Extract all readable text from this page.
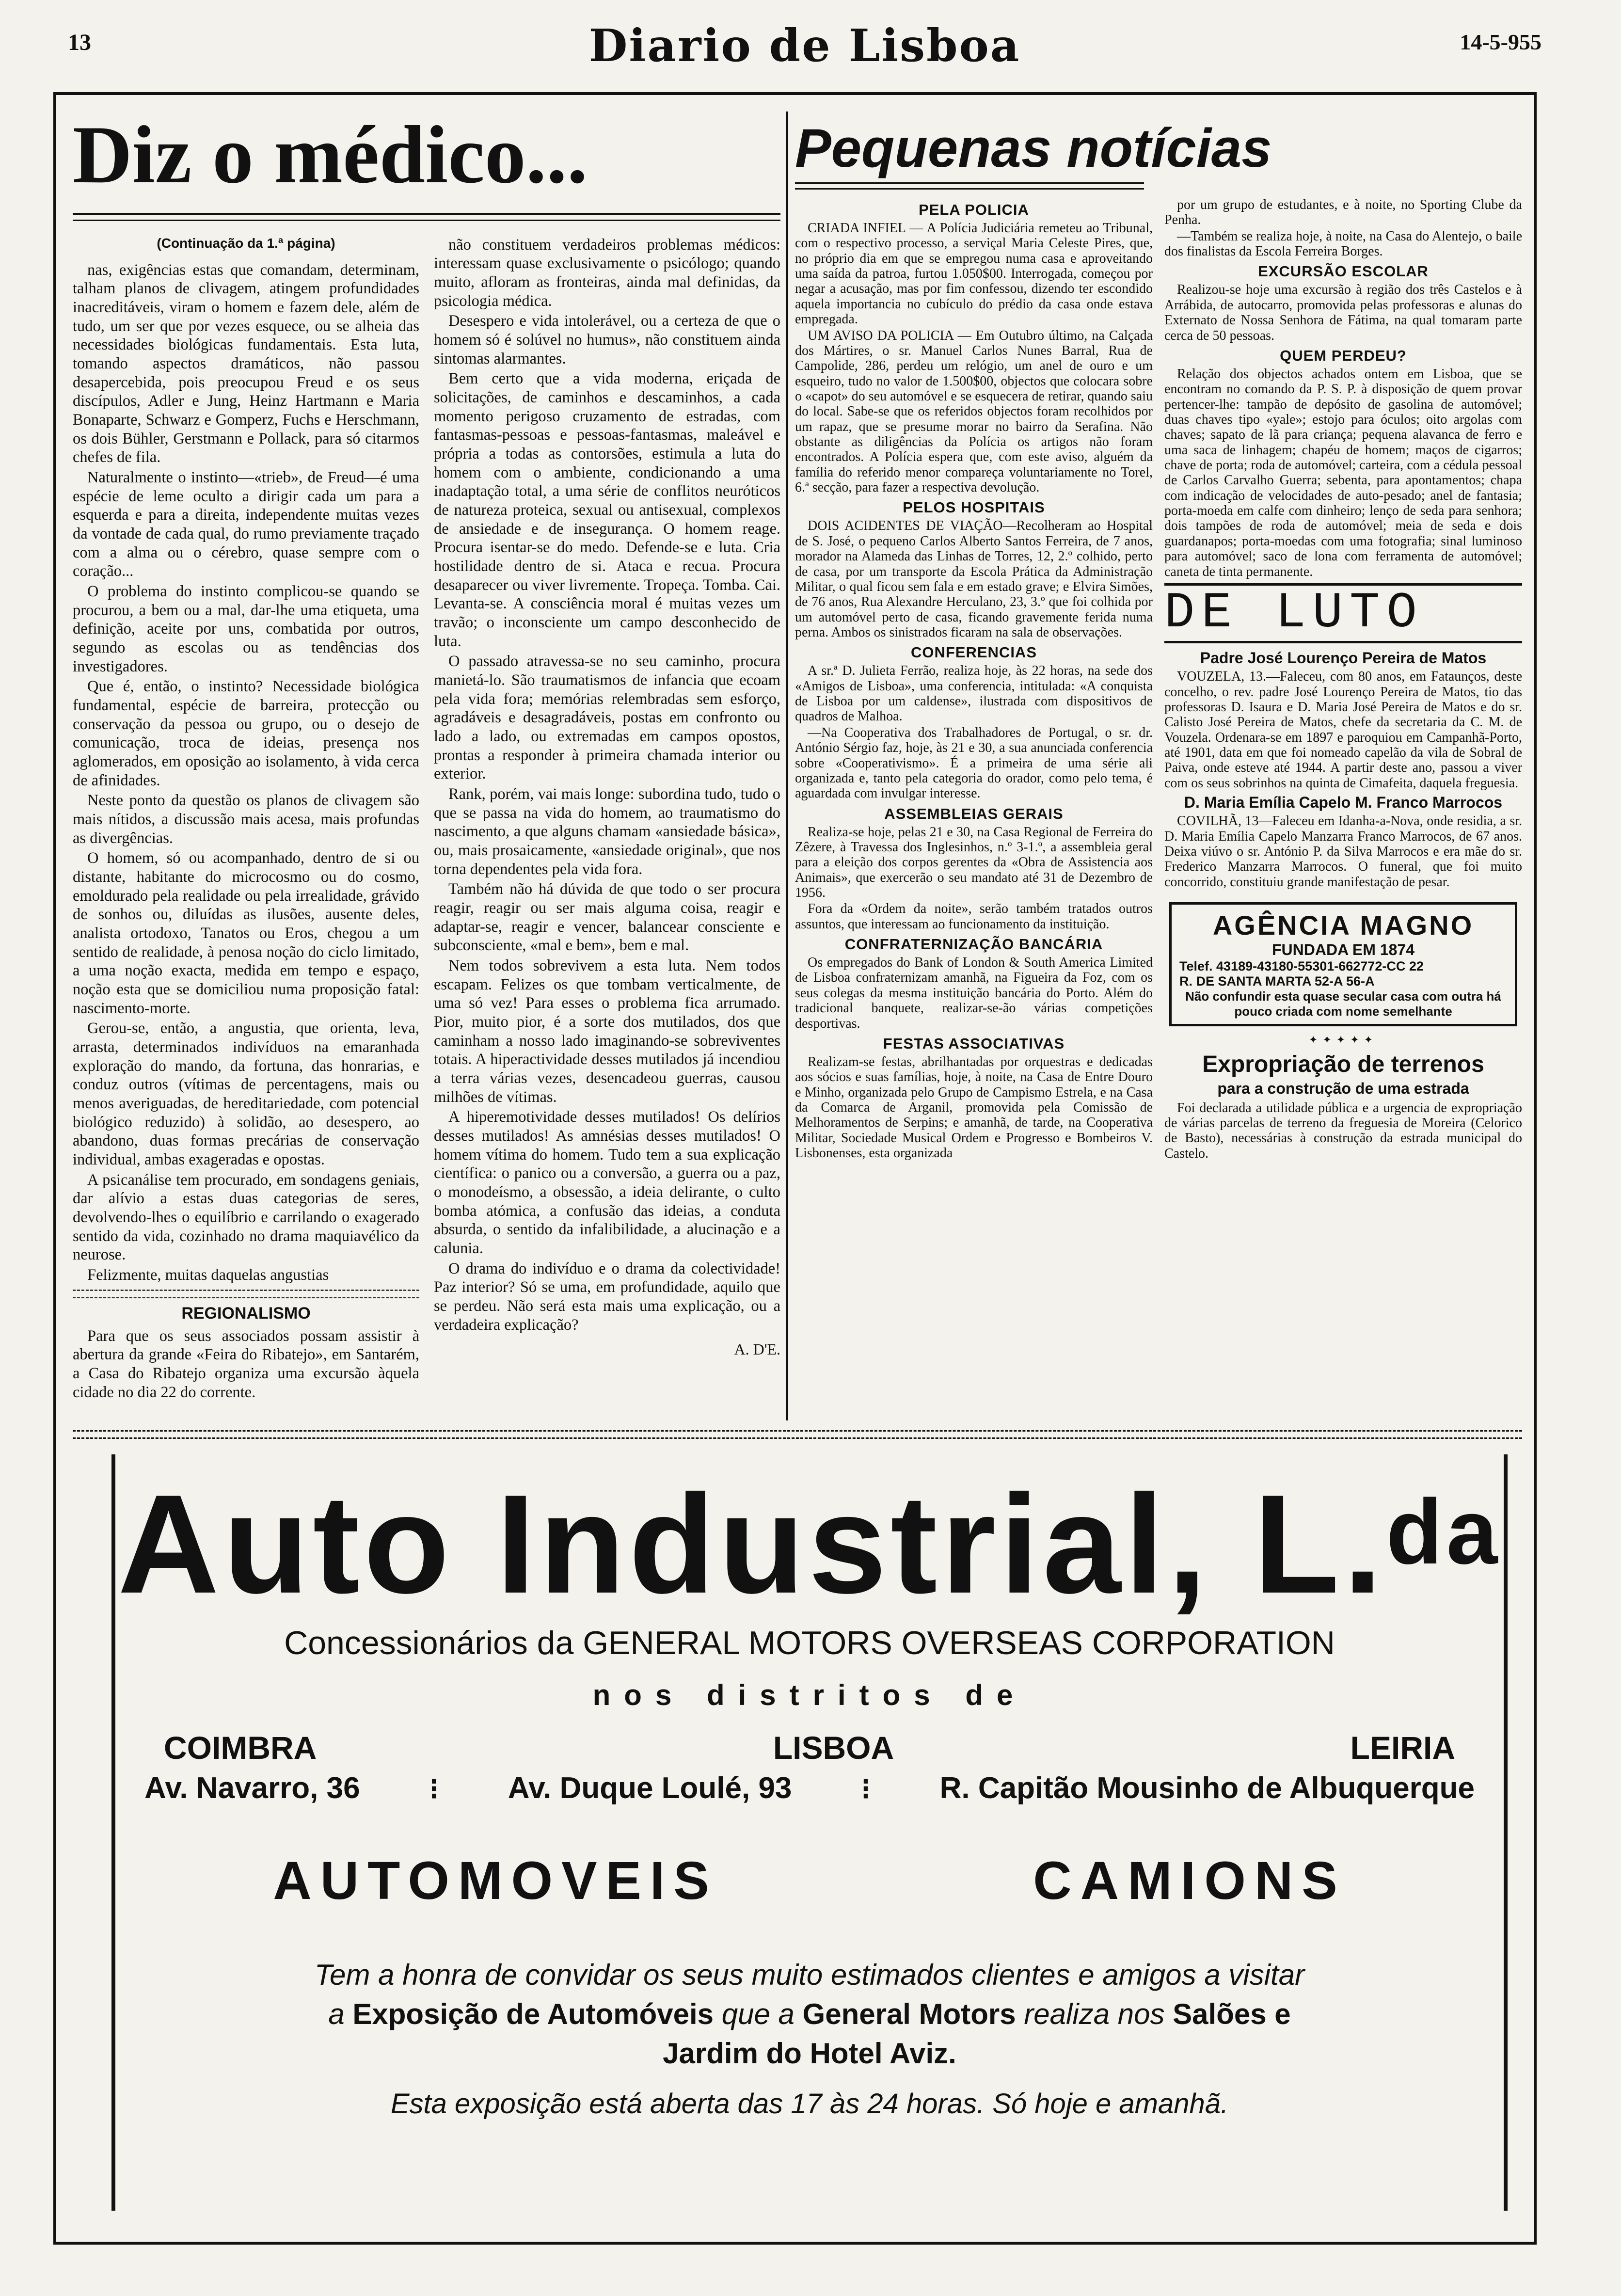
13	Diario de Lisboa	14-5-955
Diz o médico...
(Continuação da 1.ª página)

nas, exigências estas que comandam, determinam, talham planos de clivagem, atingem profundidades inacreditáveis, viram o homem e fazem dele, além de tudo, um ser que por vezes esquece, ou se alheia das necessidades biológicas fundamentais. Esta luta, tomando aspectos dramáticos, não passou desapercebida, pois preocupou Freud e os seus discípulos, Adler e Jung, Heinz Hartmann e Maria Bonaparte, Schwarz e Gomperz, Fuchs e Herschmann, os dois Bühler, Gerstmann e Pollack, para só citarmos chefes de fila.

Naturalmente o instinto—«trieb», de Freud—é uma espécie de leme oculto a dirigir cada um para a esquerda e para a direita, independente muitas vezes da vontade de cada qual, do rumo previamente traçado com a alma ou o cérebro, quase sempre com o coração...

O problema do instinto complicou-se quando se procurou, a bem ou a mal, dar-lhe uma etiqueta, uma definição, aceite por uns, combatida por outros, segundo as escolas ou as tendências dos investigadores.

Que é, então, o instinto? Necessidade biológica fundamental, espécie de barreira, protecção ou conservação da pessoa ou grupo, ou o desejo de comunicação, troca de ideias, presença nos aglomerados, em oposição ao isolamento, à vida cerca de afinidades.

Neste ponto da questão os planos de clivagem são mais nítidos, a discussão mais acesa, mais profundas as divergências.

O homem, só ou acompanhado, dentro de si ou distante, habitante do microcosmo ou do cosmo, emoldurado pela realidade ou pela irrealidade, grávido de sonhos ou, diluídas as ilusões, ausente deles, analista ortodoxo, Tanatos ou Eros, chegou a um sentido de realidade, à penosa noção do ciclo limitado, a uma noção exacta, medida em tempo e espaço, noção esta que se domiciliou numa proposição fatal: nascimento-morte.

Gerou-se, então, a angustia, que orienta, leva, arrasta, determinados indivíduos na emaranhada exploração do mando, da fortuna, das honrarias, e conduz outros (vítimas de percentagens, mais ou menos averiguadas, de hereditariedade, com potencial biológico reduzido) à solidão, ao desespero, ao abandono, duas formas precárias de conservação individual, ambas exageradas e opostas.

A psicanálise tem procurado, em sondagens geniais, dar alívio a estas duas categorias de seres, devolvendo-lhes o equilíbrio e carrilando o exagerado sentido da vida, cozinhado no drama maquiavélico da neurose.

Felizmente, muitas daquelas angustias

REGIONALISMO

Para que os seus associados possam assistir à abertura da grande «Feira do Ribatejo», em Santarém, a Casa do Ribatejo organiza uma excursão àquela cidade no dia 22 do corrente.

não constituem verdadeiros problemas médicos: interessam quase exclusivamente o psicólogo; quando muito, afloram as fronteiras, ainda mal definidas, da psicologia médica.

Desespero e vida intolerável, ou a certeza de que o homem só é solúvel no humus», não constituem ainda sintomas alarmantes.

Bem certo que a vida moderna, eriçada de solicitações, de caminhos e descaminhos, a cada momento perigoso cruzamento de estradas, com fantasmas-pessoas e pessoas-fantasmas, maleável e própria a todas as contorsões, estimula a luta do homem com o ambiente, condicionando a uma inadaptação total, a uma série de conflitos neuróticos de natureza proteica, sexual ou antisexual, complexos de ansiedade e de insegurança. O homem reage. Procura isentar-se do medo. Defende-se e luta. Cria hostilidade dentro de si. Ataca e recua. Procura desaparecer ou viver livremente. Tropeça. Tomba. Cai. Levanta-se. A consciência moral é muitas vezes um travão; o inconsciente um campo desconhecido de luta.

O passado atravessa-se no seu caminho, procura manietá-lo. São traumatismos de infancia que ecoam pela vida fora; memórias relembradas sem esforço, agradáveis e desagradáveis, postas em confronto ou lado a lado, ou extremadas em campos opostos, prontas a responder à primeira chamada interior ou exterior.

Rank, porém, vai mais longe: subordina tudo, tudo o que se passa na vida do homem, ao traumatismo do nascimento, a que alguns chamam «ansiedade básica», ou, mais prosaicamente, «ansiedade original», que nos torna dependentes pela vida fora.

Também não há dúvida de que todo o ser procura reagir, reagir ou ser mais alguma coisa, reagir e adaptar-se, reagir e vencer, balancear consciente e subconsciente, «mal e bem», bem e mal.

Nem todos sobrevivem a esta luta. Nem todos escapam. Felizes os que tombam verticalmente, de uma só vez! Para esses o problema fica arrumado. Pior, muito pior, é a sorte dos mutilados, dos que caminham a nosso lado imaginando-se sobreviventes totais. A hiperactividade desses mutilados já incendiou a terra várias vezes, desencadeou guerras, causou milhões de vítimas.

A hiperemotividade desses mutilados! Os delírios desses mutilados! As amnésias desses mutilados! O homem vítima do homem. Tudo tem a sua explicação científica: o panico ou a conversão, a guerra ou a paz, o monodeísmo, a obsessão, a ideia delirante, o culto bomba atómica, a confusão das ideias, a conduta absurda, o sentido da infalibilidade, a alucinação e a calunia.

O drama do indivíduo e o drama da colectividade! Paz interior? Só se uma, em profundidade, aquilo que se perdeu. Não será esta mais uma explicação, ou a verdadeira explicação?

A. D'E.
Pequenas notícias
PELA POLICIA

CRIADA INFIEL — A Polícia Judiciária remeteu ao Tribunal, com o respectivo processo, a serviçal Maria Celeste Pires, que, no próprio dia em que se empregou numa casa e aproveitando uma saída da patroa, furtou 1.050$00. Interrogada, começou por negar a acusação, mas por fim confessou, dizendo ter escondido aquela importancia no cubículo do prédio da casa onde estava empregada.

UM AVISO DA POLICIA — Em Outubro último, na Calçada dos Mártires, o sr. Manuel Carlos Nunes Barral, Rua de Campolide, 286, perdeu um relógio, um anel de ouro e um esqueiro, tudo no valor de 1.500$00, objectos que colocara sobre o «capot» do seu automóvel e se esquecera de retirar, quando saiu do local. Sabe-se que os referidos objectos foram recolhidos por um rapaz, que se presume morar no bairro da Serafina. Não obstante as diligências da Polícia os artigos não foram encontrados. A Polícia espera que, com este aviso, alguém da família do referido menor compareça voluntariamente no Torel, 6.ª secção, para fazer a respectiva devolução.

PELOS HOSPITAIS

DOIS ACIDENTES DE VIAÇÃO—Recolheram ao Hospital de S. José, o pequeno Carlos Alberto Santos Ferreira, de 7 anos, morador na Alameda das Linhas de Torres, 12, 2.º colhido, perto de casa, por um transporte da Escola Prática da Administração Militar, o qual ficou sem fala e em estado grave; e Elvira Simões, de 76 anos, Rua Alexandre Herculano, 23, 3.º que foi colhida por um automóvel perto de casa, ficando gravemente ferida numa perna. Ambos os sinistrados ficaram na sala de observações.

CONFERENCIAS

A sr.ª D. Julieta Ferrão, realiza hoje, às 22 horas, na sede dos «Amigos de Lisboa», uma conferencia, intitulada: «A conquista de Lisboa por um caldense», ilustrada com dispositivos de quadros de Malhoa.

—Na Cooperativa dos Trabalhadores de Portugal, o sr. dr. António Sérgio faz, hoje, às 21 e 30, a sua anunciada conferencia sobre «Cooperativismo». É a primeira de uma série ali organizada e, tanto pela categoria do orador, como pelo tema, é aguardada com invulgar interesse.

ASSEMBLEIAS GERAIS

Realiza-se hoje, pelas 21 e 30, na Casa Regional de Ferreira do Zêzere, à Travessa dos Inglesinhos, n.º 3-1.º, a assembleia geral para a eleição dos corpos gerentes da «Obra de Assistencia aos Animais», que exercerão o seu mandato até 31 de Dezembro de 1956.

Fora da «Ordem da noite», serão também tratados outros assuntos, que interessam ao funcionamento da instituição.

CONFRATERNIZAÇÃO BANCÁRIA

Os empregados do Bank of London & South America Limited de Lisboa confraternizam amanhã, na Figueira da Foz, com os seus colegas da mesma instituição bancária do Porto. Além do tradicional banquete, realizar-se-ão várias competições desportivas.

FESTAS ASSOCIATIVAS

Realizam-se festas, abrilhantadas por orquestras e dedicadas aos sócios e suas famílias, hoje, à noite, na Casa de Entre Douro e Minho, organizada pelo Grupo de Campismo Estrela, e na Casa da Comarca de Arganil, promovida pela Comissão de Melhoramentos de Serpins; e amanhã, de tarde, na Cooperativa Militar, Sociedade Musical Ordem e Progresso e Bombeiros V. Lisbonenses, esta organizada

por um grupo de estudantes, e à noite, no Sporting Clube da Penha.

—Também se realiza hoje, à noite, na Casa do Alentejo, o baile dos finalistas da Escola Ferreira Borges.

EXCURSÃO ESCOLAR

Realizou-se hoje uma excursão à região dos três Castelos e à Arrábida, de autocarro, promovida pelas professoras e alunas do Externato de Nossa Senhora de Fátima, na qual tomaram parte cerca de 50 pessoas.

QUEM PERDEU?

Relação dos objectos achados ontem em Lisboa, que se encontram no comando da P. S. P. à disposição de quem provar pertencer-lhe: tampão de depósito de gasolina de automóvel; duas chaves tipo «yale»; estojo para óculos; oito argolas com chaves; sapato de lã para criança; pequena alavanca de ferro e uma saca de linhagem; chapéu de homem; maços de cigarros; chave de porta; roda de automóvel; carteira, com a cédula pessoal de Carlos Carvalho Guerra; sebenta, para apontamentos; chapa com indicação de velocidades de auto-pesado; anel de fantasia; porta-moeda em calfe com dinheiro; lenço de seda para senhora; dois tampões de roda de automóvel; meia de seda e dois guardanapos; porta-moedas com uma fotografia; sinal luminoso para automóvel; saco de lona com ferramenta de automóvel; caneta de tinta permanente.

DE LUTO
Padre José Lourenço Pereira de Matos

VOUZELA, 13.—Faleceu, com 80 anos, em Fataunços, deste concelho, o rev. padre José Lourenço Pereira de Matos, tio das professoras D. Isaura e D. Maria José Pereira de Matos e do sr. Calisto José Pereira de Matos, chefe da secretaria da C. M. de Vouzela. Ordenara-se em 1897 e paroquiou em Campanhã-Porto, até 1901, data em que foi nomeado capelão da vila de Sobral de Paiva, onde esteve até 1944. A partir deste ano, passou a viver com os seus sobrinhos na quinta de Cimafeita, daquela freguesia.

D. Maria Emília Capelo M. Franco Marrocos

COVILHÃ, 13—Faleceu em Idanha-a-Nova, onde residia, a sr. D. Maria Emília Capelo Manzarra Franco Marrocos, de 67 anos. Deixa viúvo o sr. António P. da Silva Marrocos e era mãe do sr. Frederico Manzarra Marrocos. O funeral, que foi muito concorrido, constituiu grande manifestação de pesar.

AGÊNCIA MAGNO
FUNDADA EM 1874
Telef. 43189-43180-55301-662772-CC 22
R. DE SANTA MARTA 52-A 56-A
Não confundir esta quase secular casa com outra há pouco criada com nome semelhante
✦✦✦✦✦
Expropriação de terrenos
para a construção de uma estrada

Foi declarada a utilidade pública e a urgencia de expropriação de várias parcelas de terreno da freguesia de Moreira (Celorico de Basto), necessárias à construção da estrada municipal do Castelo.

Auto Industrial, L.$^{da}$
Concessionários da GENERAL MOTORS OVERSEAS CORPORATION
nos distritos de
COIMBRA	LISBOA	LEIRIA
Av. Navarro, 36 ⁝ Av. Duque Loulé, 93 ⁝ R. Capitão Mousinho de Albuquerque
AUTOMOVEIS	CAMIONS
Tem a honra de convidar os seus muito estimados clientes e amigos a visitar
a Exposição de Automóveis que a General Motors realiza nos Salões e
Jardim do Hotel Aviz.
Esta exposição está aberta das 17 às 24 horas. Só hoje e amanhã.
